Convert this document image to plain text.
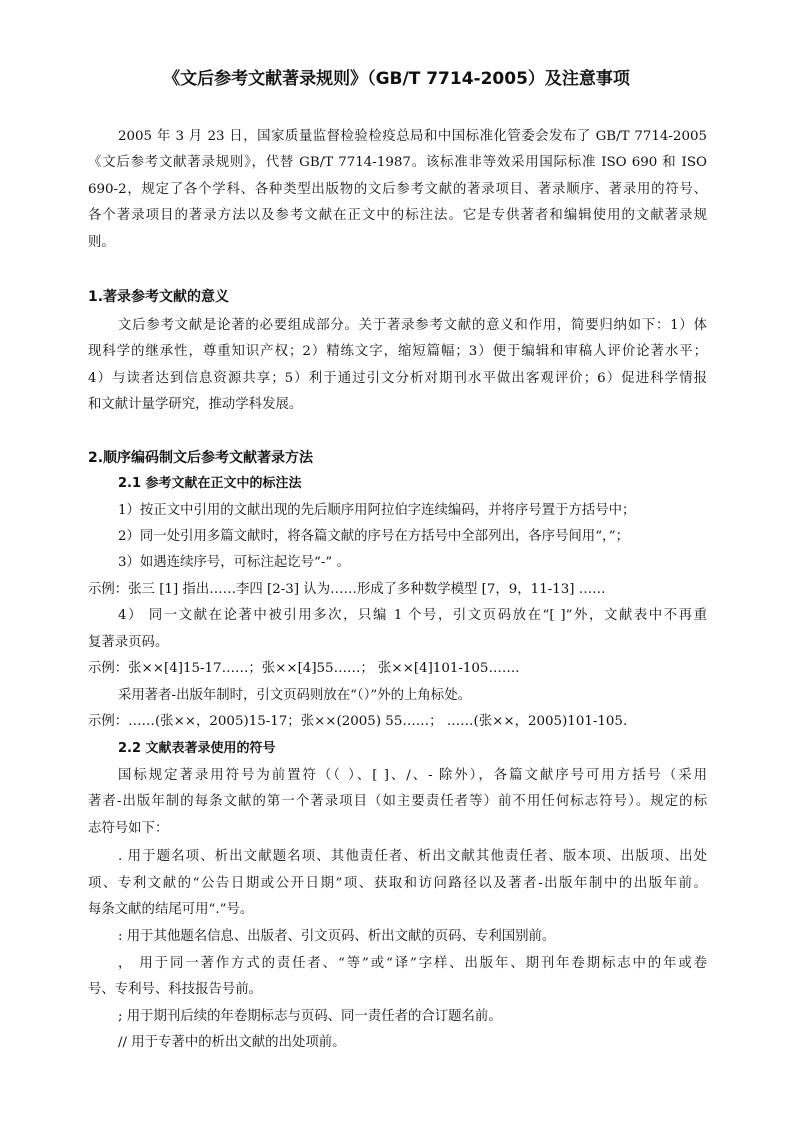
《文后参考文献著录规则》（GB/T 7714-2005）及注意事项
2005 年 3 月 23 日，国家质量监督检验检疫总局和中国标准化管委会发布了 GB/T 7714-2005
《文后参考文献著录规则》，代替 GB/T 7714-1987。该标准非等效采用国际标准 ISO 690 和 ISO
690-2，规定了各个学科、各种类型出版物的文后参考文献的著录项目、著录顺序、著录用的符号、
各个著录项目的著录方法以及参考文献在正文中的标注法。它是专供著者和编辑使用的文献著录规
则。
1.著录参考文献的意义
文后参考文献是论著的必要组成部分。关于著录参考文献的意义和作用，简要归纳如下：1）体
现科学的继承性，尊重知识产权；2）精练文字，缩短篇幅；3）便于编辑和审稿人评价论著水平；
4）与读者达到信息资源共享；5）利于通过引文分析对期刊水平做出客观评价；6）促进科学情报
和文献计量学研究，推动学科发展。
2.顺序编码制文后参考文献著录方法
2.1 参考文献在正文中的标注法
1）按正文中引用的文献出现的先后顺序用阿拉伯字连续编码，并将序号置于方括号中；
2）同一处引用多篇文献时，将各篇文献的序号在方括号中全部列出，各序号间用“，”；
3）如遇连续序号，可标注起讫号“-” 。
示例：张三 [1] 指出……李四 [2-3] 认为……形成了多种数学模型 [7，9，11-13] ……
4） 同一文献在论著中被引用多次，只编 1 个号，引文页码放在“[ ]”外，文献表中不再重
复著录页码。
示例：张××[4]15-17……；张××[4]55……； 张××[4]101-105…….
采用著者-出版年制时，引文页码则放在“（）”外的上角标处。
示例：……(张××，2005)15-17；张××(2005) 55……； ……(张××，2005)101-105.
2.2 文献表著录使用的符号
国标规定著录用符号为前置符（（ ）、[ ]、/、- 除外），各篇文献序号可用方括号（采用
著者-出版年制的每条文献的第一个著录项目（如主要责任者等）前不用任何标志符号）。规定的标
志符号如下：
. 用于题名项、析出文献题名项、其他责任者、析出文献其他责任者、版本项、出版项、出处
项、专利文献的“公告日期或公开日期”项、获取和访问路径以及著者-出版年制中的出版年前。
每条文献的结尾可用“.”号。
: 用于其他题名信息、出版者、引文页码、析出文献的页码、专利国别前。
， 用于同一著作方式的责任者、“等”或“译”字样、出版年、期刊年卷期标志中的年或卷
号、专利号、科技报告号前。
; 用于期刊后续的年卷期标志与页码、同一责任者的合订题名前。
// 用于专著中的析出文献的出处项前。
